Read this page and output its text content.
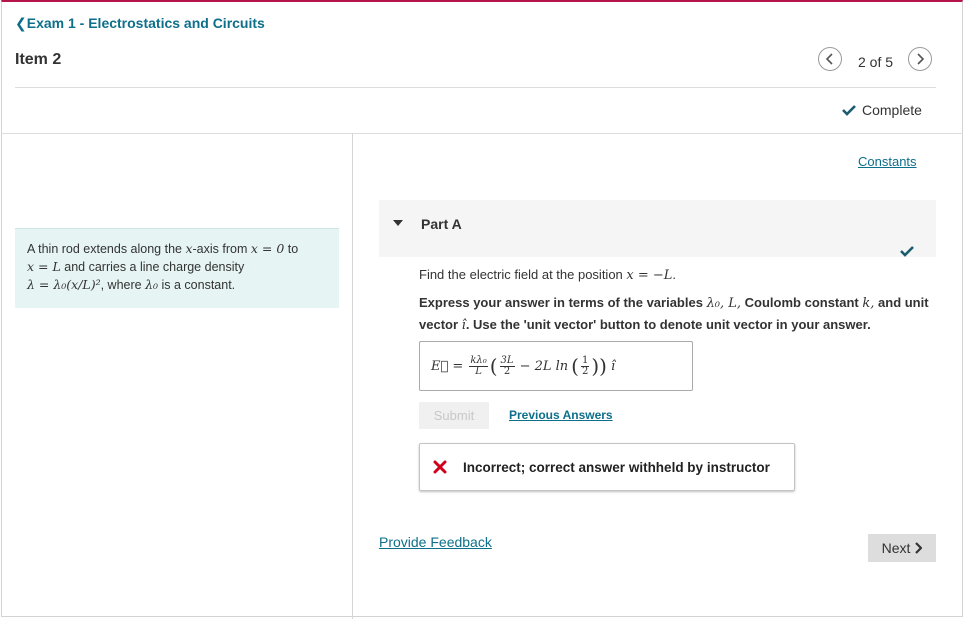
❮Exam 1 - Electrostatics and Circuits
Item 2	2 of 5
Complete
A thin rod extends along the x-axis from x = 0 to
x = L and carries a line charge density
λ = λ₀(x/L)², where λ₀ is a constant.
Constants
Part A
Find the electric field at the position x = −L.
Express your answer in terms of the variables λ₀, L, Coulomb constant k, and unit vector î. Use the 'unit vector' button to denote unit vector in your answer.
E⃗ = $\frac{\text{kλ₀}}{L}$ ( $\frac{3L}{2} - 2L$ ln ( $\frac{1}{2}$ )) î
Submit	Previous Answers
Incorrect; correct answer withheld by instructor
Provide Feedback	Next
